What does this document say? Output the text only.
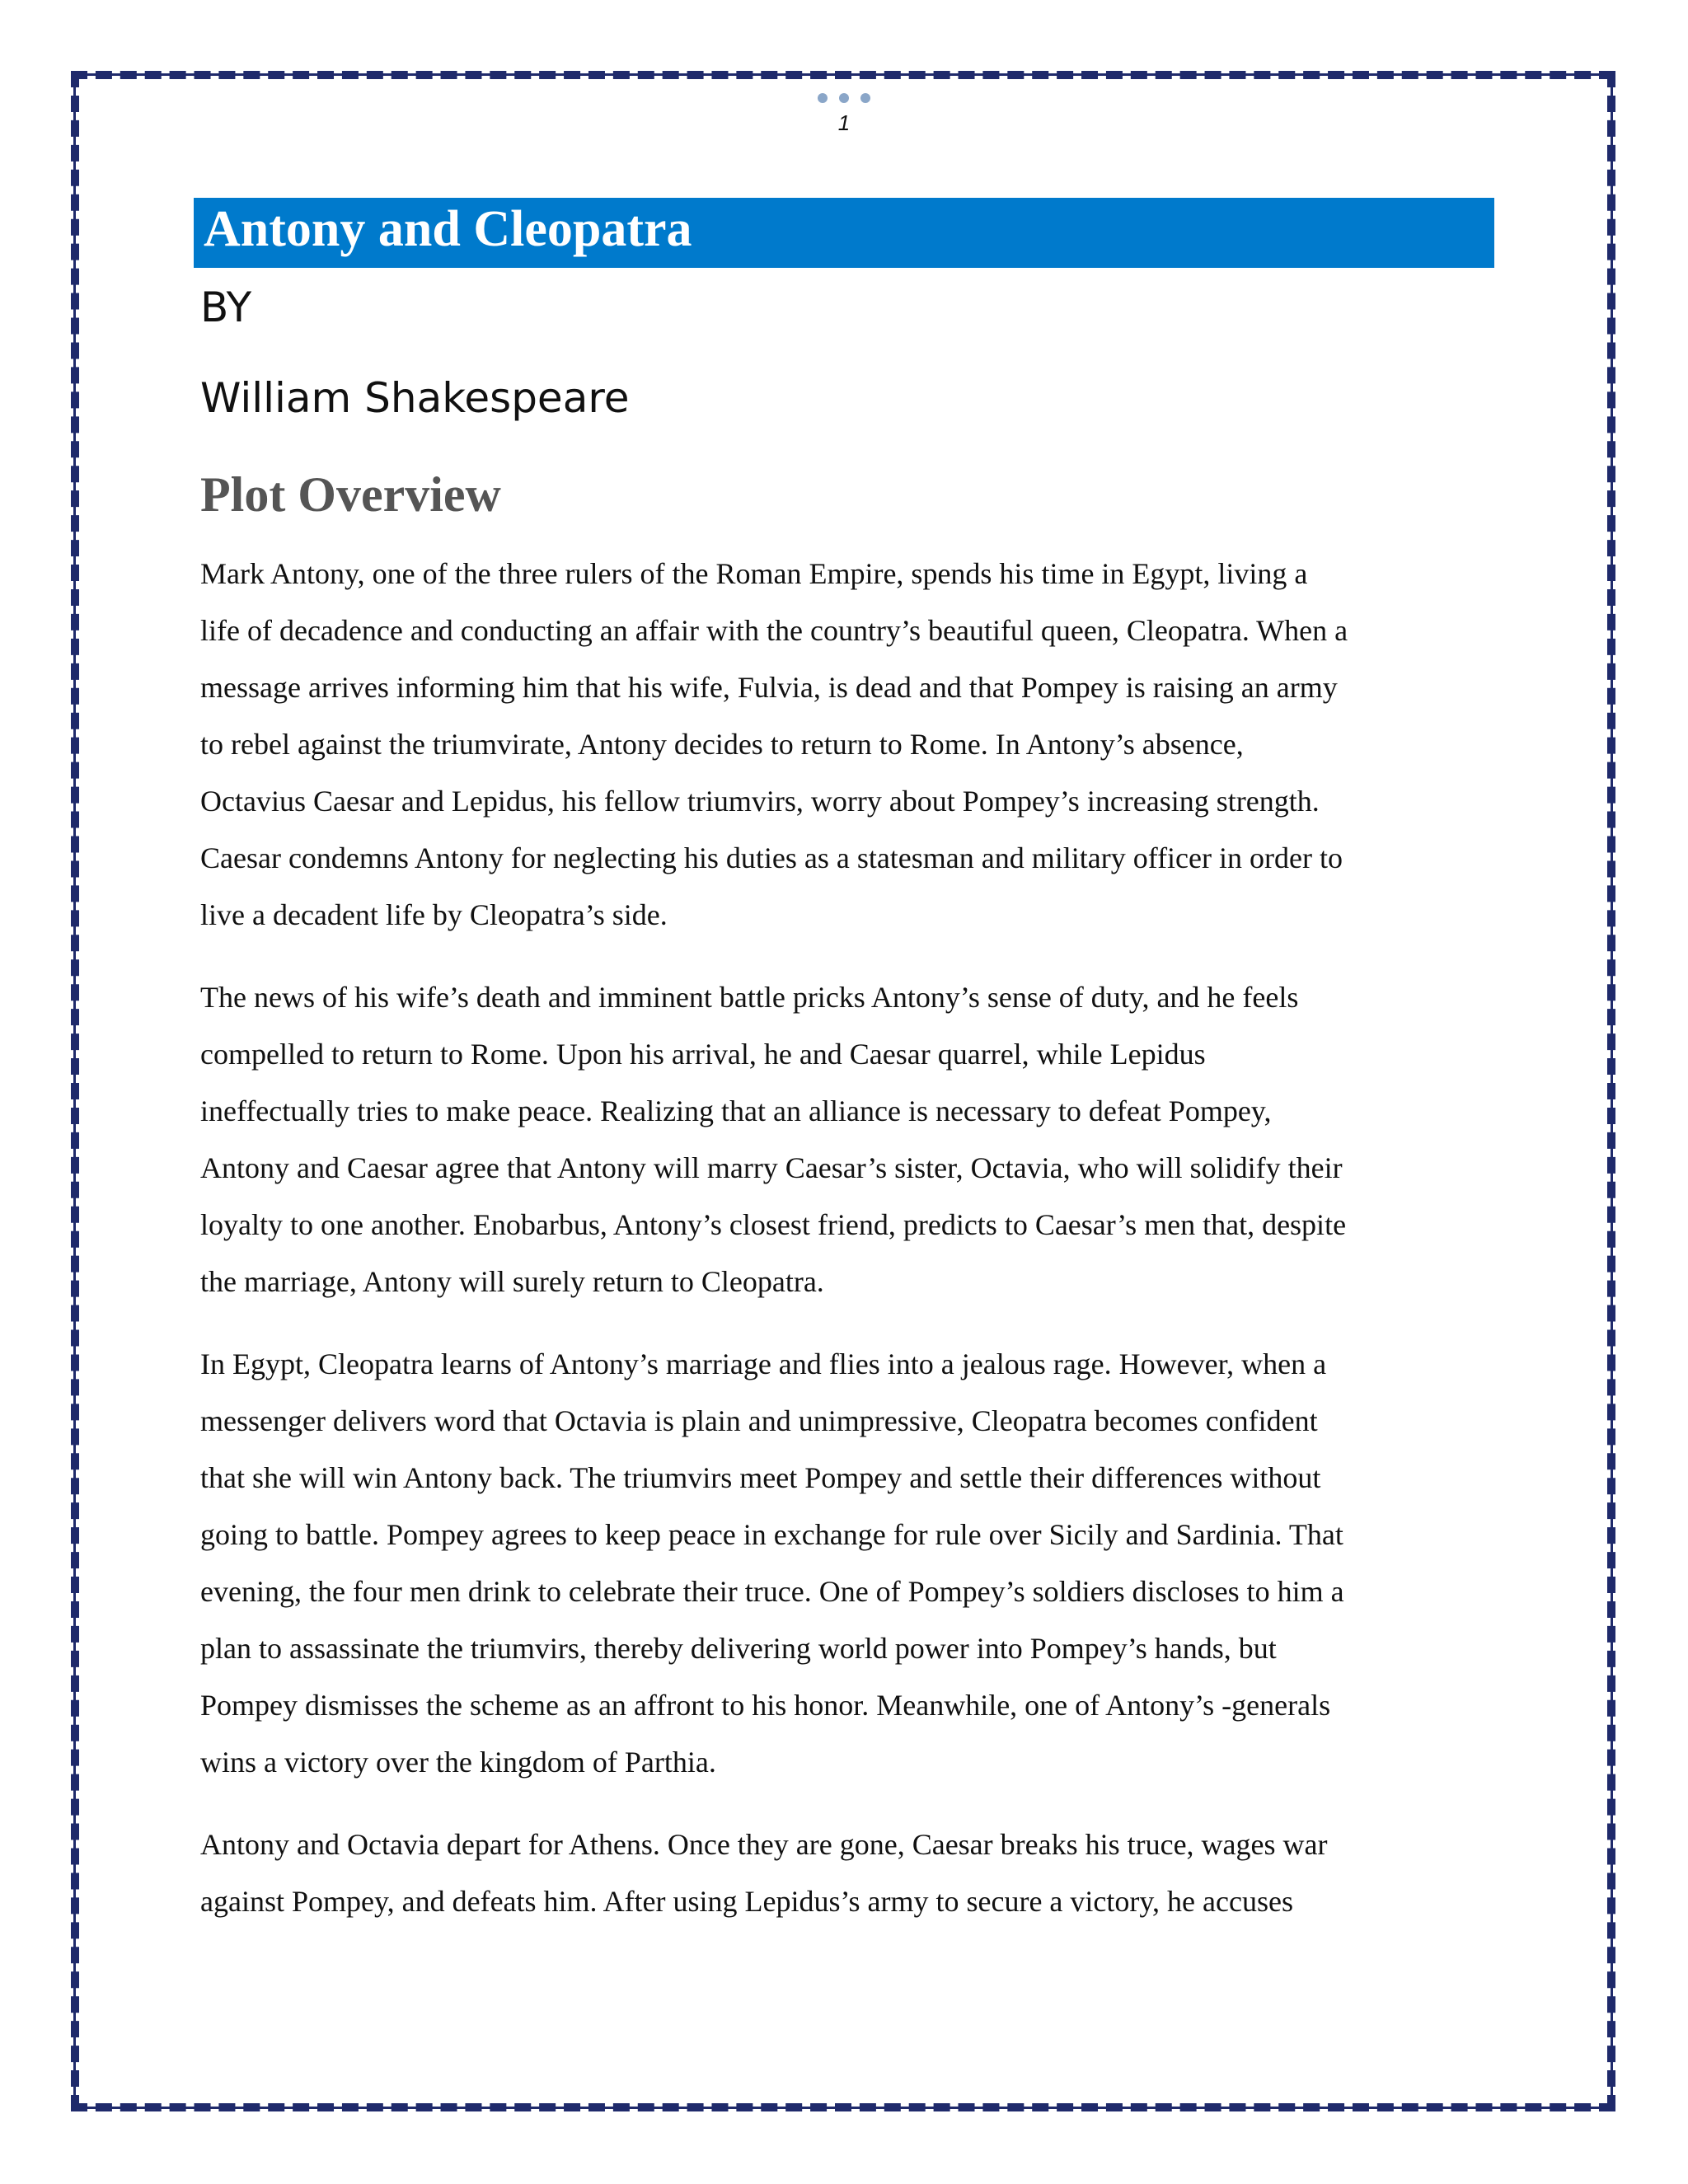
1
Antony and Cleopatra
BY
William Shakespeare
Plot Overview
Mark Antony, one of the three rulers of the Roman Empire, spends his time in Egypt, living a
life of decadence and conducting an affair with the country’s beautiful queen, Cleopatra. When a
message arrives informing him that his wife, Fulvia, is dead and that Pompey is raising an army
to rebel against the triumvirate, Antony decides to return to Rome. In Antony’s absence,
Octavius Caesar and Lepidus, his fellow triumvirs, worry about Pompey’s increasing strength.
Caesar condemns Antony for neglecting his duties as a statesman and military officer in order to
live a decadent life by Cleopatra’s side.
The news of his wife’s death and imminent battle pricks Antony’s sense of duty, and he feels
compelled to return to Rome. Upon his arrival, he and Caesar quarrel, while Lepidus
ineffectually tries to make peace. Realizing that an alliance is necessary to defeat Pompey,
Antony and Caesar agree that Antony will marry Caesar’s sister, Octavia, who will solidify their
loyalty to one another. Enobarbus, Antony’s closest friend, predicts to Caesar’s men that, despite
the marriage, Antony will surely return to Cleopatra.
In Egypt, Cleopatra learns of Antony’s marriage and flies into a jealous rage. However, when a
messenger delivers word that Octavia is plain and unimpressive, Cleopatra becomes confident
that she will win Antony back. The triumvirs meet Pompey and settle their differences without
going to battle. Pompey agrees to keep peace in exchange for rule over Sicily and Sardinia. That
evening, the four men drink to celebrate their truce. One of Pompey’s soldiers discloses to him a
plan to assassinate the triumvirs, thereby delivering world power into Pompey’s hands, but
Pompey dismisses the scheme as an affront to his honor. Meanwhile, one of Antony’s -generals
wins a victory over the kingdom of Parthia.
Antony and Octavia depart for Athens. Once they are gone, Caesar breaks his truce, wages war
against Pompey, and defeats him. After using Lepidus’s army to secure a victory, he accuses
